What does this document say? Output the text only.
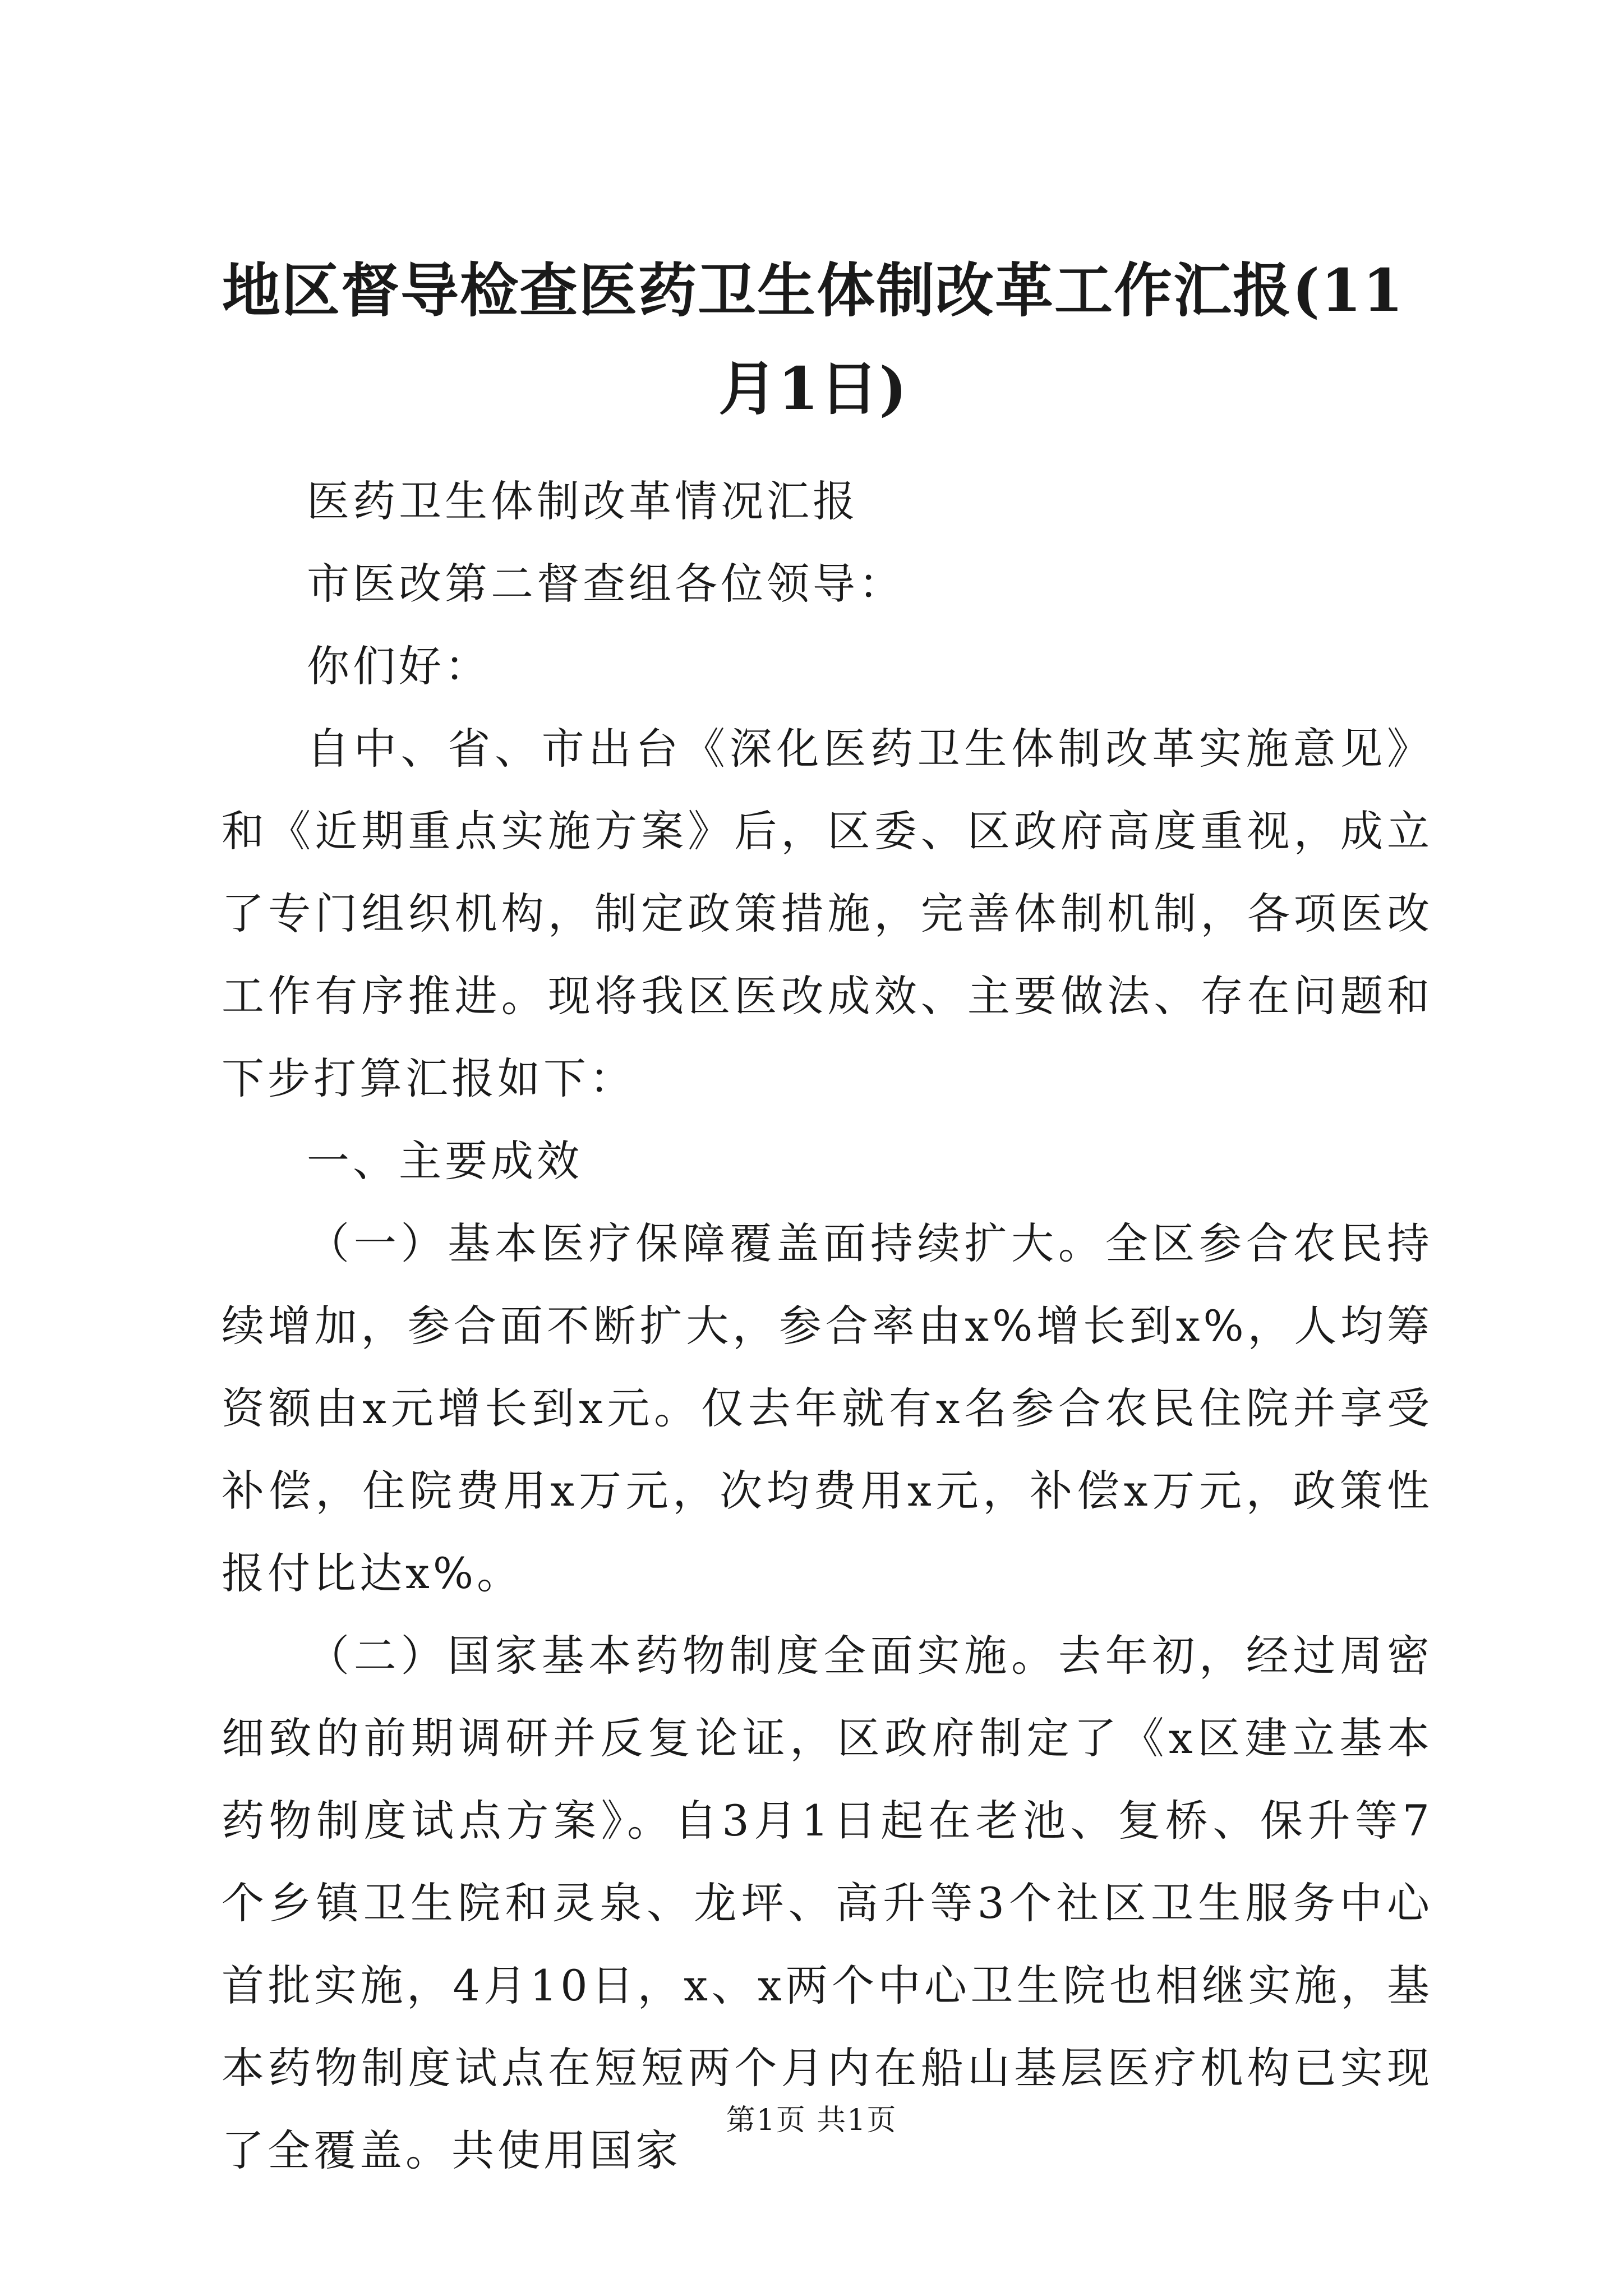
地区督导检查医药卫生体制改革工作汇报(11月1日)

医药卫生体制改革情况汇报

市医改第二督查组各位领导：

你们好：

自中、省、市出台《深化医药卫生体制改革实施意见》和《近期重点实施方案》后，区委、区政府高度重视，成立了专门组织机构，制定政策措施，完善体制机制，各项医改工作有序推进。现将我区医改成效、主要做法、存在问题和下步打算汇报如下：

一、主要成效

（一）基本医疗保障覆盖面持续扩大。全区参合农民持续增加，参合面不断扩大，参合率由x%增长到x%，人均筹资额由x元增长到x元。仅去年就有x名参合农民住院并享受补偿，住院费用x万元，次均费用x元，补偿x万元，政策性报付比达x%。

（二）国家基本药物制度全面实施。去年初，经过周密细致的前期调研并反复论证，区政府制定了《x区建立基本药物制度试点方案》。自3月1日起在老池、复桥、保升等7个乡镇卫生院和灵泉、龙坪、高升等3个社区卫生服务中心首批实施，4月10日，x、x两个中心卫生院也相继实施，基本药物制度试点在短短两个月内在船山基层医疗机构已实现了全覆盖。共使用国家

第1页 共1页
